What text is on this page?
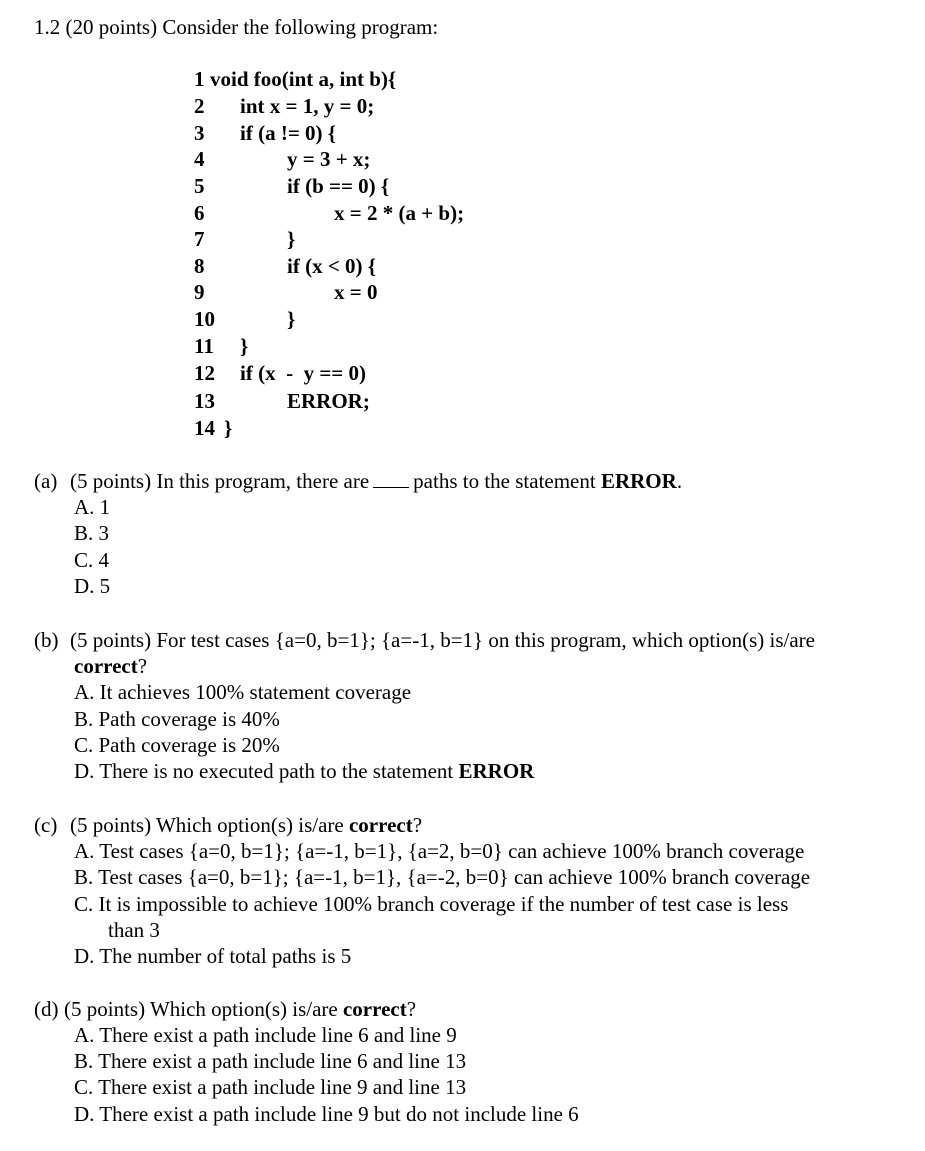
1.2 (20 points) Consider the following program:
1 void foo(int a, int b){
2 int x = 1, y = 0;
3 if (a != 0) {
4	y = 3 + x;
5	if (b == 0) {
6	x = 2 * (a + b);
7	}
8	if (x < 0) {
9	x = 0
10	}
11 }
12 if (x  -  y == 0)
13	ERROR;
14 }
(a) (5 points) In this program, there are paths to the statement ERROR.
A. 1
B. 3
C. 4
D. 5
(b) (5 points) For test cases {a=0, b=1}; {a=-1, b=1} on this program, which option(s) is/are
correct?
A. It achieves 100% statement coverage
B. Path coverage is 40%
C. Path coverage is 20%
D. There is no executed path to the statement ERROR
(c) (5 points) Which option(s) is/are correct?
A. Test cases {a=0, b=1}; {a=-1, b=1}, {a=2, b=0} can achieve 100% branch coverage
B. Test cases {a=0, b=1}; {a=-1, b=1}, {a=-2, b=0} can achieve 100% branch coverage
C. It is impossible to achieve 100% branch coverage if the number of test case is less
than 3
D. The number of total paths is 5
(d) (5 points) Which option(s) is/are correct?
A. There exist a path include line 6 and line 9
B. There exist a path include line 6 and line 13
C. There exist a path include line 9 and line 13
D. There exist a path include line 9 but do not include line 6
